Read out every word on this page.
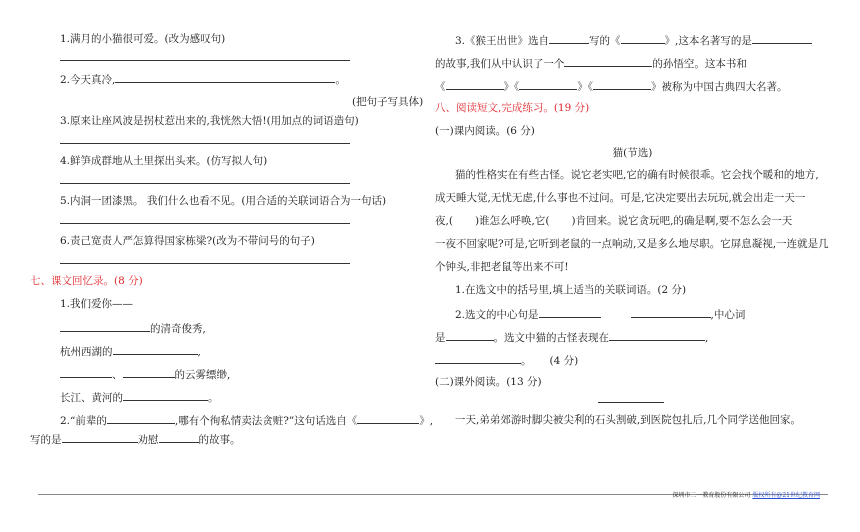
1.满月的小猫很可爱。(改为感叹句)
2.今天真冷,	。
(把句子写具体)
3.原来让座风波是拐杖惹出来的,我恍然大悟!(用加点的词语造句)
4.鲜笋成群地从土里探出头来。(仿写拟人句)
5.内洞一团漆黑。 我们什么也看不见。(用合适的关联词语合为一句话)
6.责己宽责人严怎算得国家栋梁?(改为不带问号的句子)
七、课文回忆录。(8 分)
1.我们爱你——
的清奇俊秀,
杭州西湖的	,
、	的云雾缥缈,
长江、黄河的	。
2.“前辈的	,哪有个徇私情卖法贪赃?”这句话选自《	》,
写的是	劝慰	的故事。
3.《猴王出世》选自	写的《	》,这本名著写的是
的故事,我们从中认识了一个	的孙悟空。这本书和
《	》《	》《	》被称为中国古典四大名著。
八、阅读短文,完成练习。(19 分)
(一)课内阅读。(6 分)
猫(节选)
猫的性格实在有些古怪。说它老实吧,它的确有时候很乖。它会找个暖和的地方,
成天睡大觉,无忧无虑,什么事也不过问。可是,它决定要出去玩玩,就会出走一天一
夜,( )谁怎么呼唤,它( )肯回来。说它贪玩吧,的确是啊,要不怎么会一天
一夜不回家呢?可是,它听到老鼠的一点响动,又是多么地尽职。它屏息凝视,一连就是几
个钟头,非把老鼠等出来不可!
1.在选文中的括号里,填上适当的关联词语。(2 分)
2.选文的中心句是	,中心词
是	。选文中猫的古怪表现在	,
。 (4 分)
(二)课外阅读。(13 分)
一天,弟弟郊游时脚尖被尖利的石头割破,到医院包扎后,几个同学送他回家。
深圳市二一教育股份有限公司 版权所有@21世纪教育网
